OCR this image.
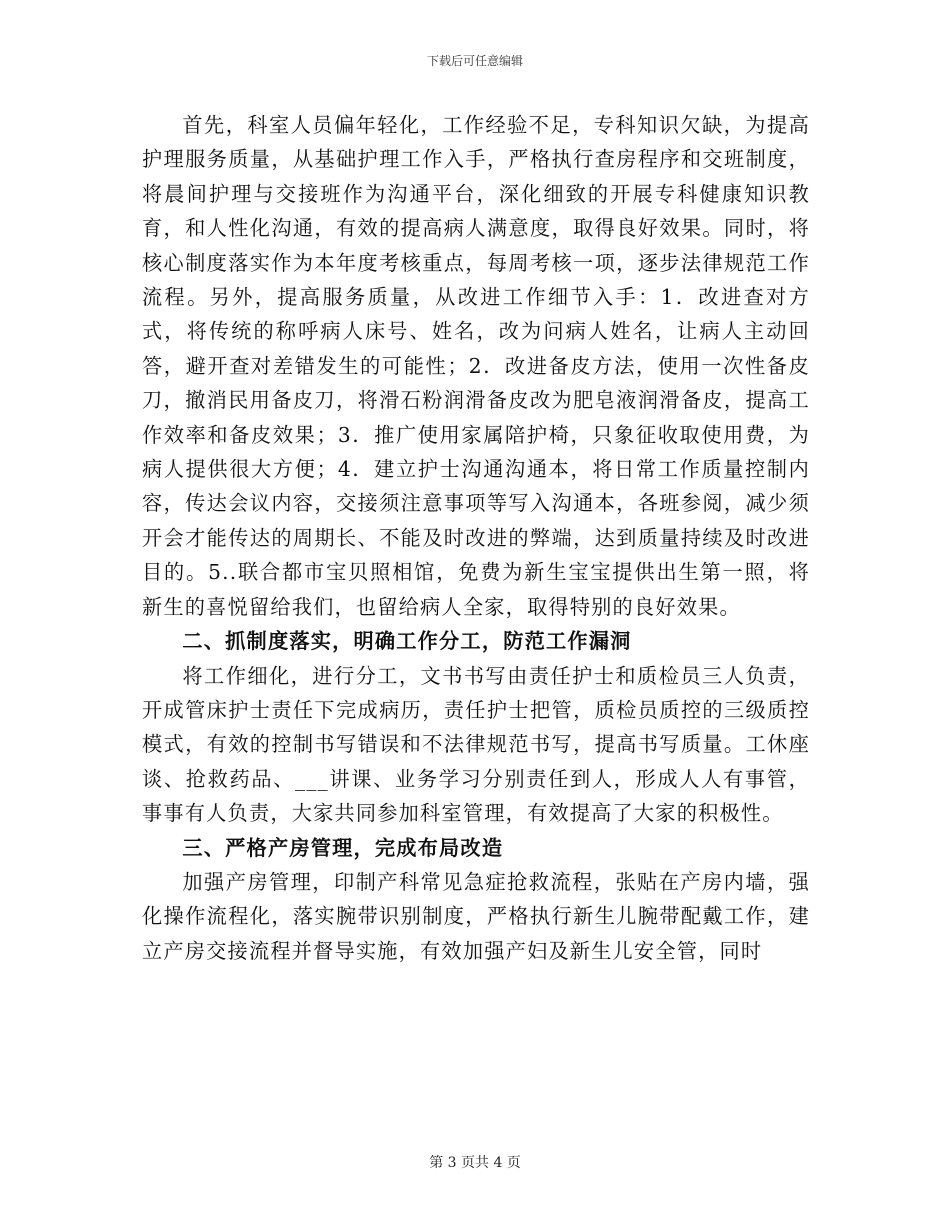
下载后可任意编辑

首先，科室人员偏年轻化，工作经验不足，专科知识欠缺，为提高护理服务质量，从基础护理工作入手，严格执行查房程序和交班制度，将晨间护理与交接班作为沟通平台，深化细致的开展专科健康知识教育，和人性化沟通，有效的提高病人满意度，取得良好效果。同时，将核心制度落实作为本年度考核重点，每周考核一项，逐步法律规范工作流程。另外，提高服务质量，从改进工作细节入手：1．改进查对方式，将传统的称呼病人床号、姓名，改为问病人姓名，让病人主动回答，避开查对差错发生的可能性；2．改进备皮方法，使用一次性备皮刀，撤消民用备皮刀，将滑石粉润滑备皮改为肥皂液润滑备皮，提高工作效率和备皮效果；3．推广使用家属陪护椅，只象征收取使用费，为病人提供很大方便；4．建立护士沟通沟通本，将日常工作质量控制内容，传达会议内容，交接须注意事项等写入沟通本，各班参阅，减少须开会才能传达的周期长、不能及时改进的弊端，达到质量持续及时改进目的。5..联合都市宝贝照相馆，免费为新生宝宝提供出生第一照，将新生的喜悦留给我们，也留给病人全家，取得特别的良好效果。

二、抓制度落实，明确工作分工，防范工作漏洞

将工作细化，进行分工，文书书写由责任护士和质检员三人负责，开成管床护士责任下完成病历，责任护士把管，质检员质控的三级质控模式，有效的控制书写错误和不法律规范书写，提高书写质量。工休座谈、抢救药品、___讲课、业务学习分别责任到人，形成人人有事管，事事有人负责，大家共同参加科室管理，有效提高了大家的积极性。

三、严格产房管理，完成布局改造

加强产房管理，印制产科常见急症抢救流程，张贴在产房内墙，强化操作流程化，落实腕带识别制度，严格执行新生儿腕带配戴工作，建立产房交接流程并督导实施，有效加强产妇及新生儿安全管，同时

第 3 页共 4 页
